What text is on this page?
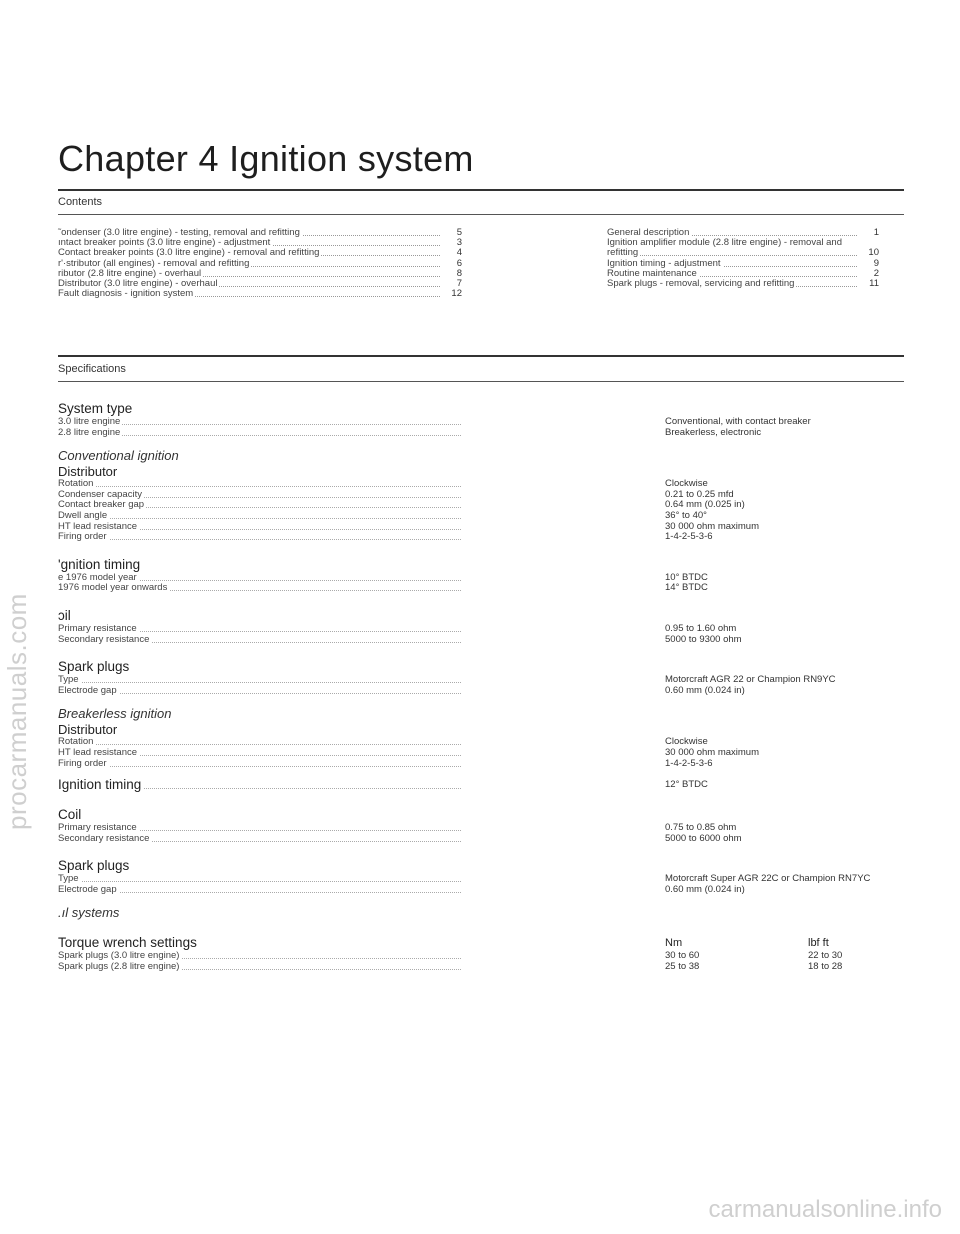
Chapter 4 Ignition system
Contents
˜ondenser (3.0 litre engine) - testing, removal and refitting	5
ıntact breaker points (3.0 litre engine) - adjustment	3
Contact breaker points (3.0 litre engine) - removal and refitting	4
r'·stributor (all engines) - removal and refitting	6
ributor (2.8 litre engine) - overhaul	8
Distributor (3.0 litre engine) - overhaul	7
Fault diagnosis - ignition system	12
General description	1
Ignition amplifier module (2.8 litre engine) - removal and
refitting	10
Ignition timing - adjustment	9
Routine maintenance	2
Spark plugs - removal, servicing and refitting	11
Specifications
System type
3.0 litre engine	Conventional, with contact breaker
2.8 litre engine	Breakerless, electronic
Conventional ignition
Distributor
Rotation	Clockwise
Condenser capacity	0.21 to 0.25 mfd
Contact breaker gap	0.64 mm (0.025 in)
Dwell angle	36° to 40°
HT lead resistance	30 000 ohm maximum
Firing order	1-4-2-5-3-6
'gnition timing
e 1976 model year	10° BTDC
1976 model year onwards	14° BTDC
ɔil
Primary resistance	0.95 to 1.60 ohm
Secondary resistance	5000 to 9300 ohm
Spark plugs
Type	Motorcraft AGR 22 or Champion RN9YC
Electrode gap	0.60 mm (0.024 in)
Breakerless ignition
Distributor
Rotation	Clockwise
HT lead resistance	30 000 ohm maximum
Firing order	1-4-2-5-3-6
Ignition timing	12° BTDC
Coil
Primary resistance	0.75 to 0.85 ohm
Secondary resistance	5000 to 6000 ohm
Spark plugs
Type	Motorcraft Super AGR 22C or Champion RN7YC
Electrode gap	0.60 mm (0.024 in)
.ıl systems
Torque wrench settings	Nm	lbf ft
Spark plugs (3.0 litre engine)	30 to 60	22 to 30
Spark plugs (2.8 litre engine)	25 to 38	18 to 28
procarmanuals.com
carmanualsonline.info
